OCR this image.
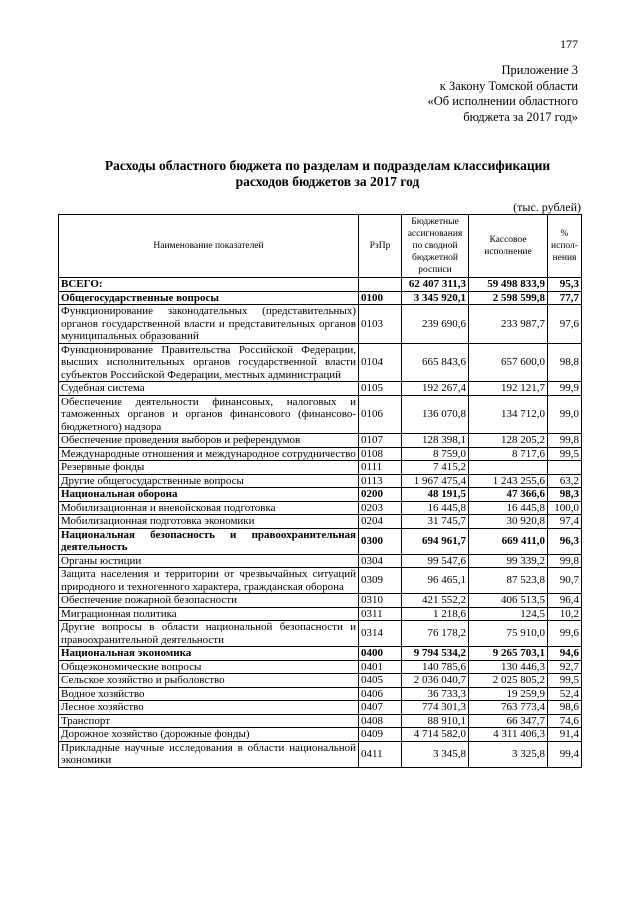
177
Приложение 3
к Закону Томской области
«Об исполнении областного
бюджета за 2017 год»
Расходы областного бюджета по разделам и подразделам классификации
расходов бюджетов за 2017 год
(тыс. рублей)
Наименование показателей	РзПр	Бюджетные ассигнования по сводной бюджетной росписи	Кассовое исполнение	% испол-нения
ВСЕГО:		62 407 311,3	59 498 833,9	95,3
Общегосударственные вопросы	0100	3 345 920,1	2 598 599,8	77,7
Функционирование законодательных (представительных) органов государственной власти и представительных органов муниципальных образований	0103	239 690,6	233 987,7	97,6
Функционирование Правительства Российской Федерации, высших исполнительных органов государственной власти субъектов Российской Федерации, местных администраций	0104	665 843,6	657 600,0	98,8
Судебная система	0105	192 267,4	192 121,7	99,9
Обеспечение деятельности финансовых, налоговых и таможенных органов и органов финансового (финансово-бюджетного) надзора	0106	136 070,8	134 712,0	99,0
Обеспечение проведения выборов и референдумов	0107	128 398,1	128 205,2	99,8
Международные отношения и международное сотрудничество	0108	8 759,0	8 717,6	99,5
Резервные фонды	0111	7 415,2		
Другие общегосударственные вопросы	0113	1 967 475,4	1 243 255,6	63,2
Национальная оборона	0200	48 191,5	47 366,6	98,3
Мобилизационная и вневойсковая подготовка	0203	16 445,8	16 445,8	100,0
Мобилизационная подготовка экономики	0204	31 745,7	30 920,8	97,4
Национальная безопасность и правоохранительная деятельность	0300	694 961,7	669 411,0	96,3
Органы юстиции	0304	99 547,6	99 339,2	99,8
Защита населения и территории от чрезвычайных ситуаций природного и техногенного характера, гражданская оборона	0309	96 465,1	87 523,8	90,7
Обеспечение пожарной безопасности	0310	421 552,2	406 513,5	96,4
Миграционная политика	0311	1 218,6	124,5	10,2
Другие вопросы в области национальной безопасности и правоохранительной деятельности	0314	76 178,2	75 910,0	99,6
Национальная экономика	0400	9 794 534,2	9 265 703,1	94,6
Общеэкономические вопросы	0401	140 785,6	130 446,3	92,7
Сельское хозяйство и рыболовство	0405	2 036 040,7	2 025 805,2	99,5
Водное хозяйство	0406	36 733,3	19 259,9	52,4
Лесное хозяйство	0407	774 301,3	763 773,4	98,6
Транспорт	0408	88 910,1	66 347,7	74,6
Дорожное хозяйство (дорожные фонды)	0409	4 714 582,0	4 311 406,3	91,4
Прикладные научные исследования в области национальной экономики	0411	3 345,8	3 325,8	99,4
